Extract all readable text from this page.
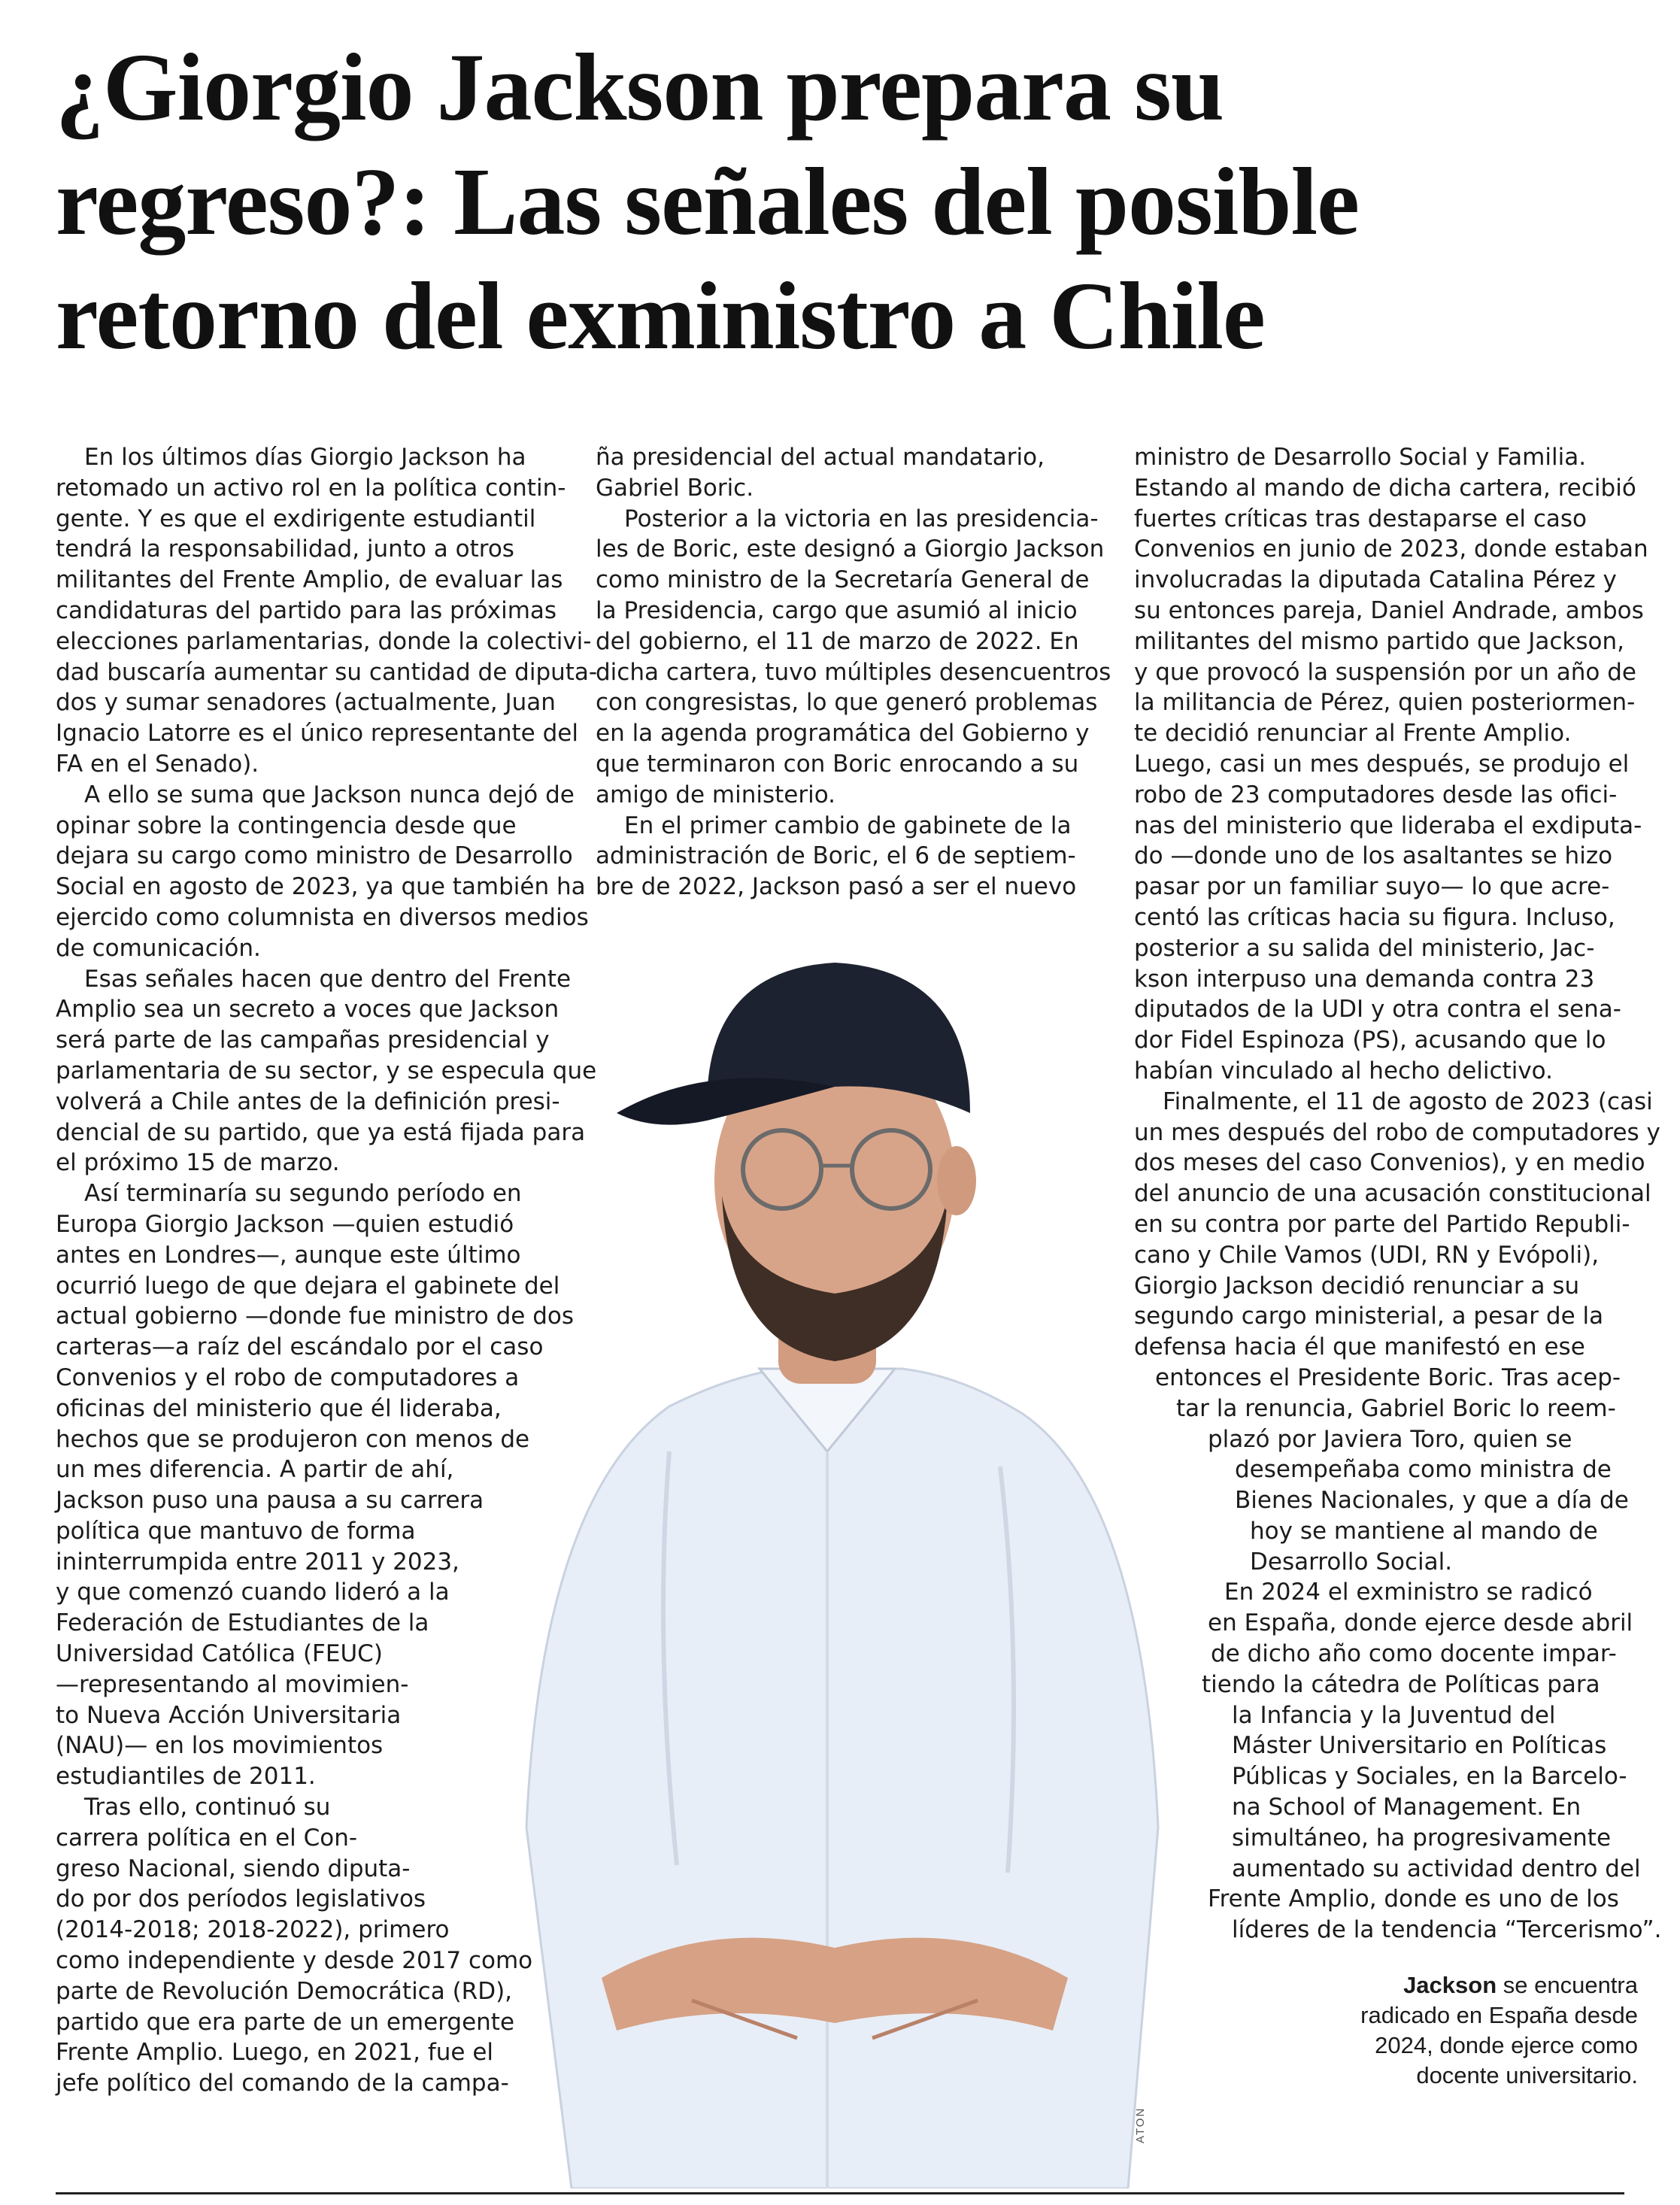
¿Giorgio Jackson prepara su
regreso?: Las señales del posible
retorno del exministro a Chile
ATON
Jackson se encuentra radicado en España desde 2024, donde ejerce como docente universitario.
En los últimos días Giorgio Jackson ha
retomado un activo rol en la política contin-
gente. Y es que el exdirigente estudiantil
tendrá la responsabilidad, junto a otros
militantes del Frente Amplio, de evaluar las
candidaturas del partido para las próximas
elecciones parlamentarias, donde la colectivi-
dad buscaría aumentar su cantidad de diputa-
dos y sumar senadores (actualmente, Juan
Ignacio Latorre es el único representante del
FA en el Senado).
A ello se suma que Jackson nunca dejó de
opinar sobre la contingencia desde que
dejara su cargo como ministro de Desarrollo
Social en agosto de 2023, ya que también ha
ejercido como columnista en diversos medios
de comunicación.
Esas señales hacen que dentro del Frente
Amplio sea un secreto a voces que Jackson
será parte de las campañas presidencial y
parlamentaria de su sector, y se especula que
volverá a Chile antes de la definición presi-
dencial de su partido, que ya está fijada para
el próximo 15 de marzo.
Así terminaría su segundo período en
Europa Giorgio Jackson —quien estudió
antes en Londres—, aunque este último
ocurrió luego de que dejara el gabinete del
actual gobierno —donde fue ministro de dos
carteras—a raíz del escándalo por el caso
Convenios y el robo de computadores a
oficinas del ministerio que él lideraba,
hechos que se produjeron con menos de
un mes diferencia. A partir de ahí,
Jackson puso una pausa a su carrera
política que mantuvo de forma
ininterrumpida entre 2011 y 2023,
y que comenzó cuando lideró a la
Federación de Estudiantes de la
Universidad Católica (FEUC)
—representando al movimien-
to Nueva Acción Universitaria
(NAU)— en los movimientos
estudiantiles de 2011.
Tras ello, continuó su
carrera política en el Con-
greso Nacional, siendo diputa-
do por dos períodos legislativos
(2014-2018; 2018-2022), primero
como independiente y desde 2017 como
parte de Revolución Democrática (RD),
partido que era parte de un emergente
Frente Amplio. Luego, en 2021, fue el
jefe político del comando de la campa-
ña presidencial del actual mandatario,
Gabriel Boric.
Posterior a la victoria en las presidencia-
les de Boric, este designó a Giorgio Jackson
como ministro de la Secretaría General de
la Presidencia, cargo que asumió al inicio
del gobierno, el 11 de marzo de 2022. En
dicha cartera, tuvo múltiples desencuentros
con congresistas, lo que generó problemas
en la agenda programática del Gobierno y
que terminaron con Boric enrocando a su
amigo de ministerio.
En el primer cambio de gabinete de la
administración de Boric, el 6 de septiem-
bre de 2022, Jackson pasó a ser el nuevo
ministro de Desarrollo Social y Familia.
Estando al mando de dicha cartera, recibió
fuertes críticas tras destaparse el caso
Convenios en junio de 2023, donde estaban
involucradas la diputada Catalina Pérez y
su entonces pareja, Daniel Andrade, ambos
militantes del mismo partido que Jackson,
y que provocó la suspensión por un año de
la militancia de Pérez, quien posteriormen-
te decidió renunciar al Frente Amplio.
Luego, casi un mes después, se produjo el
robo de 23 computadores desde las ofici-
nas del ministerio que lideraba el exdiputa-
do —donde uno de los asaltantes se hizo
pasar por un familiar suyo— lo que acre-
centó las críticas hacia su figura. Incluso,
posterior a su salida del ministerio, Jac-
kson interpuso una demanda contra 23
diputados de la UDI y otra contra el sena-
dor Fidel Espinoza (PS), acusando que lo
habían vinculado al hecho delictivo.
Finalmente, el 11 de agosto de 2023 (casi
un mes después del robo de computadores y
dos meses del caso Convenios), y en medio
del anuncio de una acusación constitucional
en su contra por parte del Partido Republi-
cano y Chile Vamos (UDI, RN y Evópoli),
Giorgio Jackson decidió renunciar a su
segundo cargo ministerial, a pesar de la
defensa hacia él que manifestó en ese
entonces el Presidente Boric. Tras acep-
tar la renuncia, Gabriel Boric lo reem-
plazó por Javiera Toro, quien se
desempeñaba como ministra de
Bienes Nacionales, y que a día de
hoy se mantiene al mando de
Desarrollo Social.
En 2024 el exministro se radicó
en España, donde ejerce desde abril
de dicho año como docente impar-
tiendo la cátedra de Políticas para
la Infancia y la Juventud del
Máster Universitario en Políticas
Públicas y Sociales, en la Barcelo-
na School of Management. En
simultáneo, ha progresivamente
aumentado su actividad dentro del
Frente Amplio, donde es uno de los
líderes de la tendencia “Tercerismo”.
